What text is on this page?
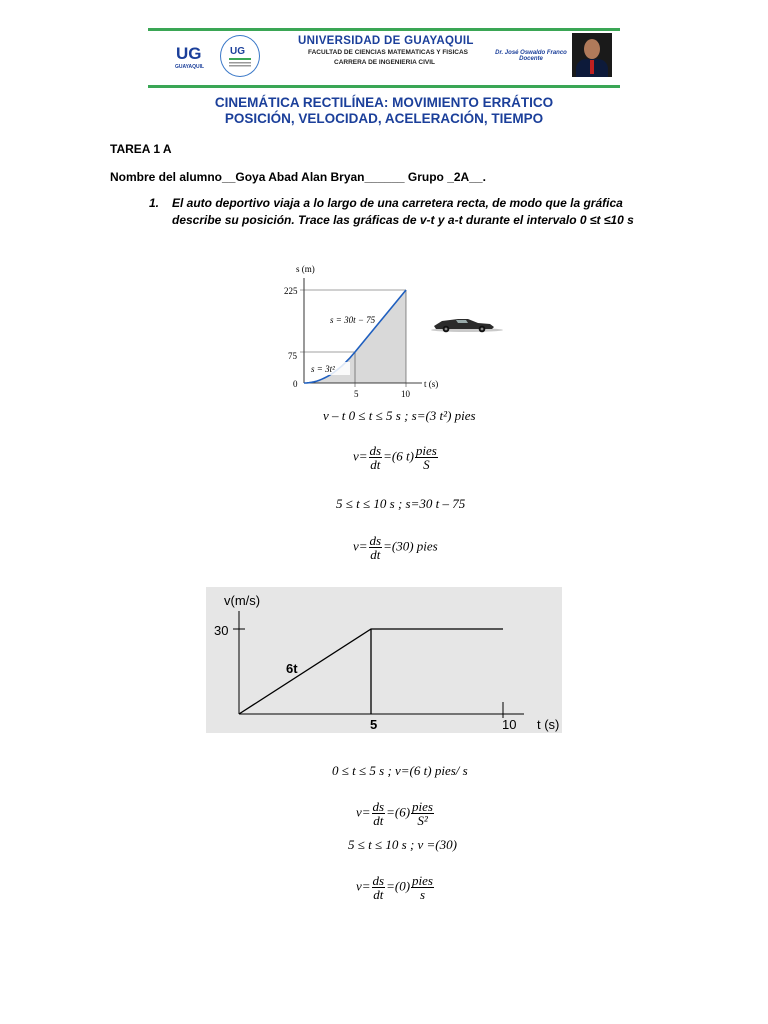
UG
GUAYAQUIL
UG
UNIVERSIDAD DE GUAYAQUIL
FACULTAD DE CIENCIAS MATEMATICAS Y FISICAS
CARRERA DE INGENIERIA CIVIL
Dr. José Oswaldo Franco
Docente
CINEMÁTICA RECTILÍNEA: MOVIMIENTO ERRÁTICO
POSICIÓN, VELOCIDAD, ACELERACIÓN, TIEMPO
TAREA 1 A
Nombre del alumno__Goya Abad Alan Bryan______ Grupo _2A__.
1. El auto deportivo viaja a lo largo de una carretera recta, de modo que la gráfica
describe su posición. Trace las gráficas de v-t y a-t durante el intervalo 0 ≤t ≤10 s
s (m)
t (s)
225
75
0
5	10
s = 30t − 75
s = 3t²
v – t 0 ≤ t ≤ 5 s ; s=(3 t²) pies
$v= \frac{ds}{dt} =(6$ $t) \frac{\text{pies}}{S}$
5 ≤ t ≤ 10 s ; s=30 t – 75
$v= \frac{ds}{dt} =(30)$ pies
v(m/s)
30
5	10 t (s)
6t
0 ≤ t ≤ 5 s ; v=(6 t) pies/ s
$v= \frac{ds}{dt} =(6) \frac{\text{pies}}{\text{S²}}$
5 ≤ t ≤ 10 s ; v =(30)
$v= \frac{ds}{dt} =(0) \frac{\text{pies}}{s}$
